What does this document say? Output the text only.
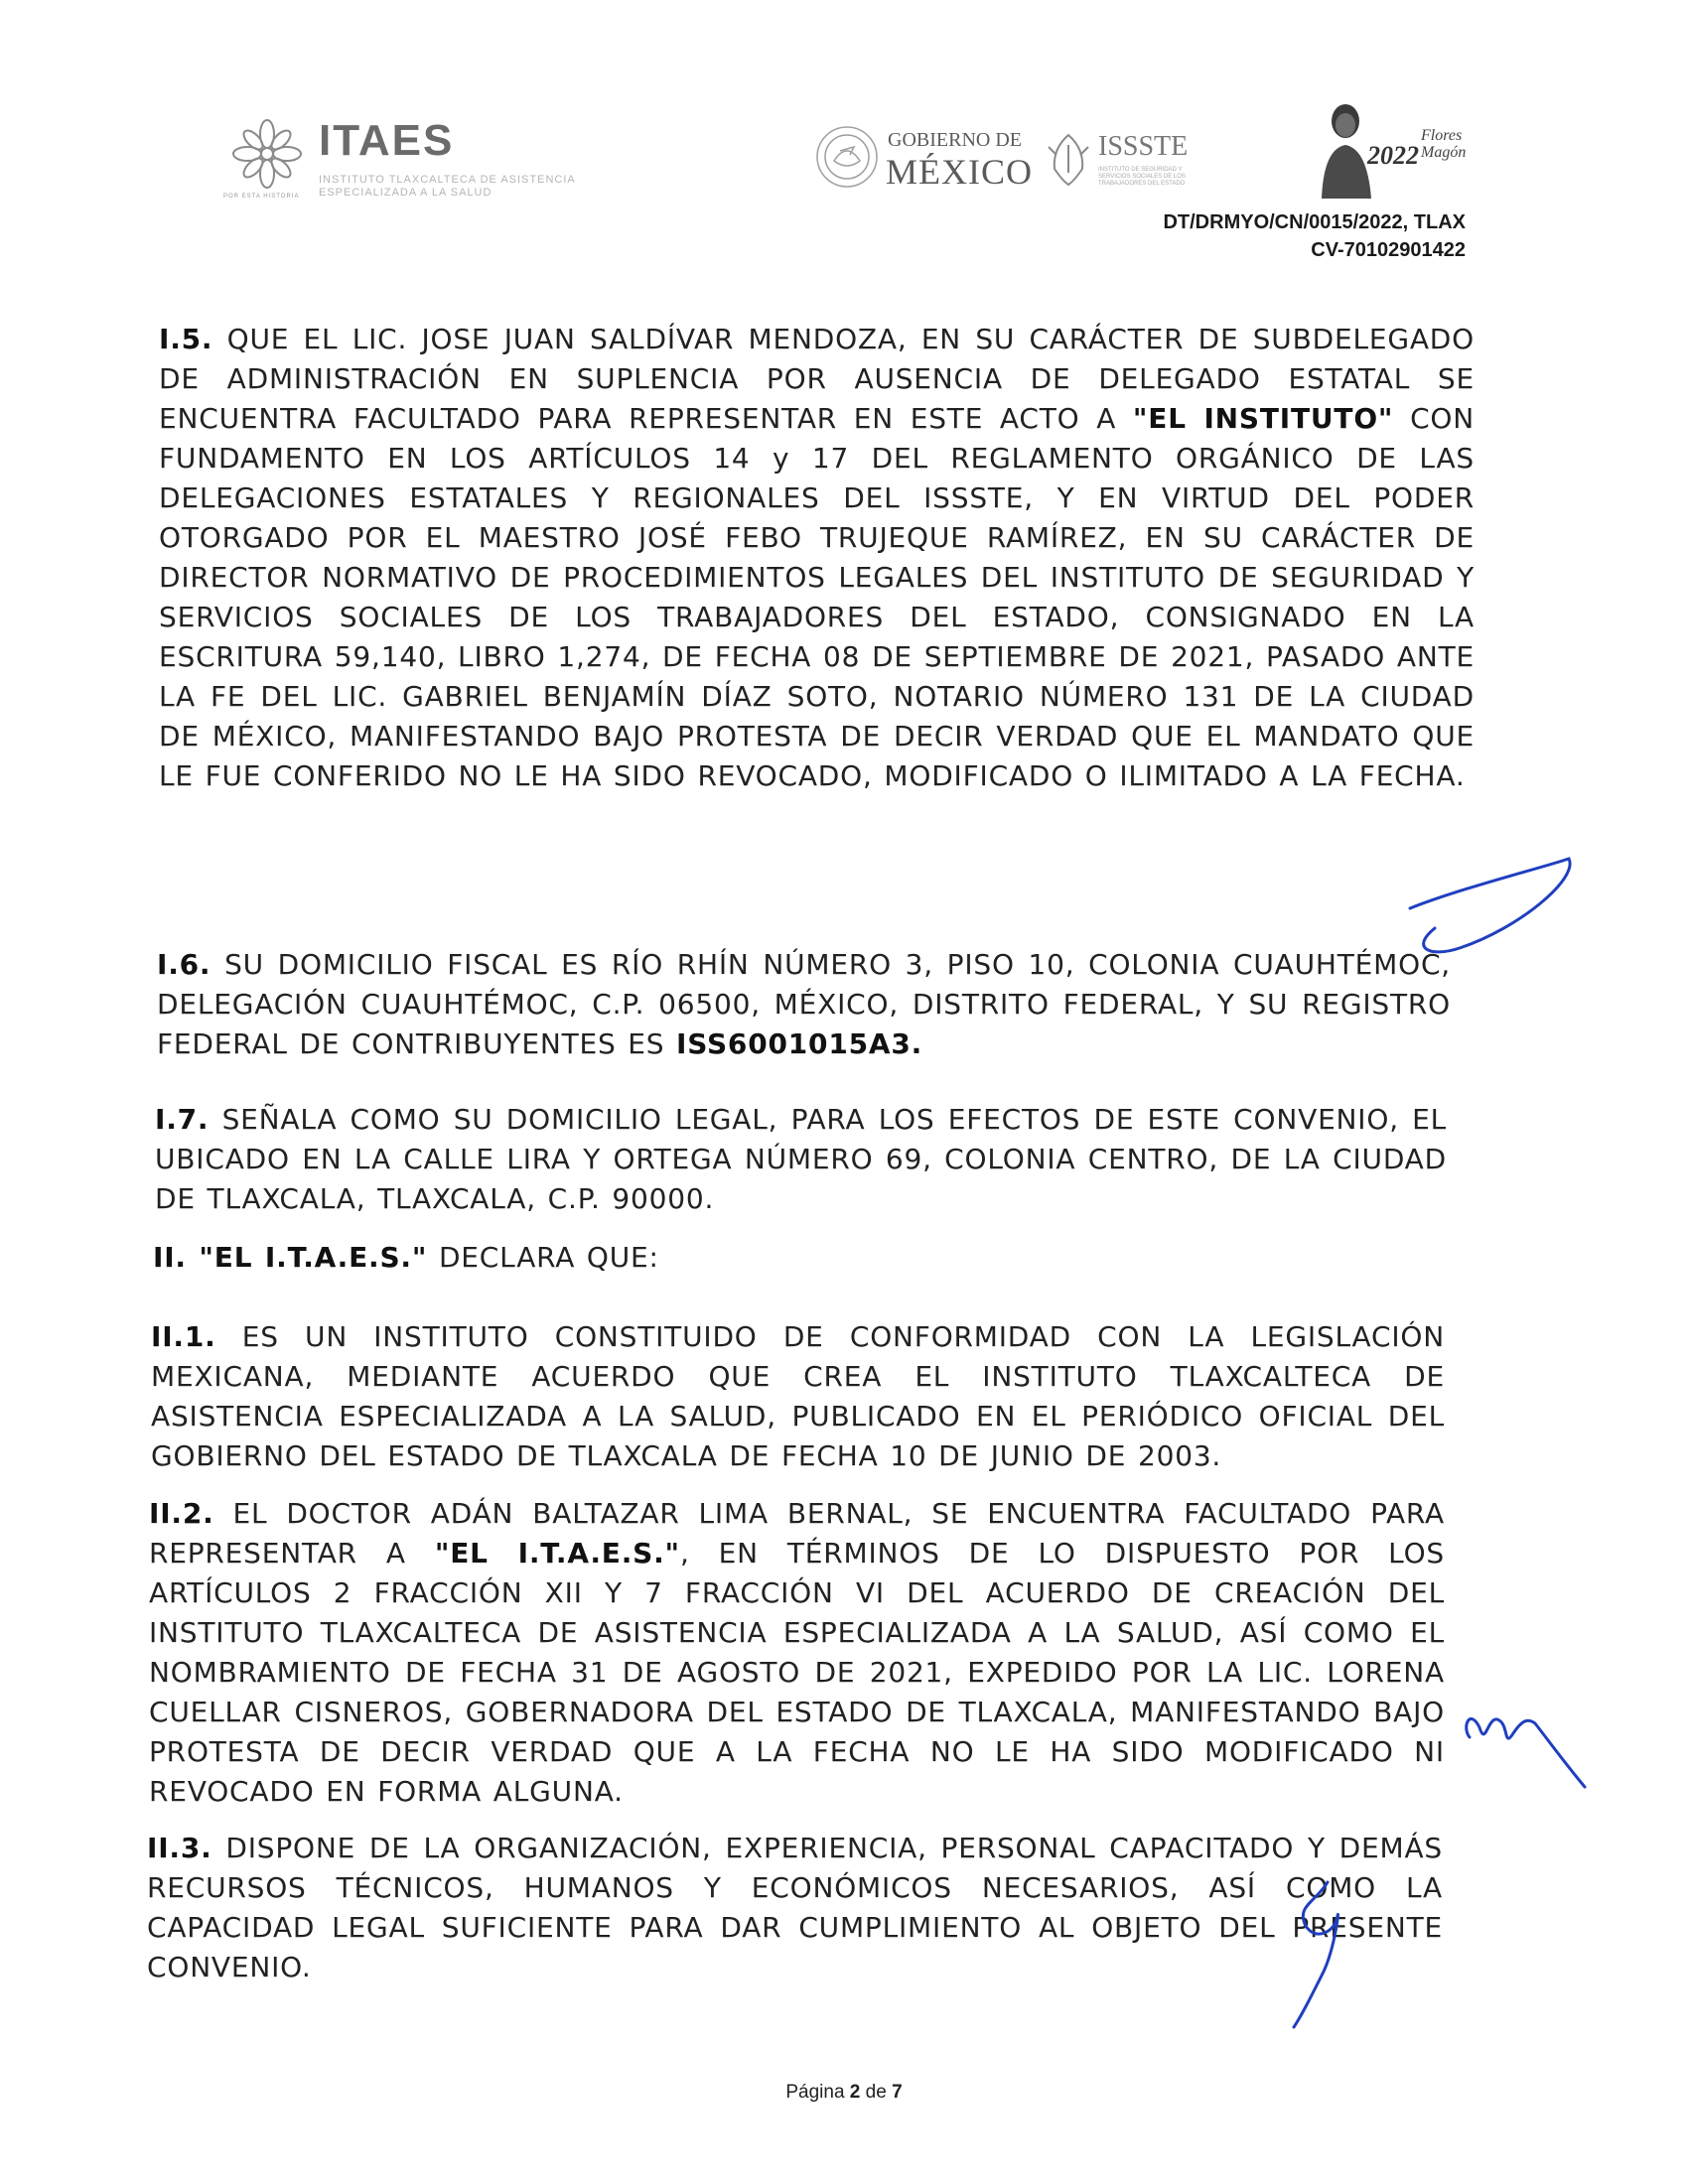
ITAES
INSTITUTO TLAXCALTECA DE ASISTENCIA ESPECIALIZADA A LA SALUD
POR ESTA HISTORIA
GOBIERNO DE
MÉXICO
ISSSTE
INSTITUTO DE SEGURIDAD Y SERVICIOS SOCIALES DE LOS TRABAJADORES DEL ESTADO
2022
Flores Magón
DT/DRMYO/CN/0015/2022, TLAX
CV-70102901422

I.5. QUE EL LIC. JOSE JUAN SALDÍVAR MENDOZA, EN SU CARÁCTER DE SUBDELEGADO DE ADMINISTRACIÓN EN SUPLENCIA POR AUSENCIA DE DELEGADO ESTATAL SE ENCUENTRA FACULTADO PARA REPRESENTAR EN ESTE ACTO A "EL INSTITUTO" CON FUNDAMENTO EN LOS ARTÍCULOS 14 y 17 DEL REGLAMENTO ORGÁNICO DE LAS DELEGACIONES ESTATALES Y REGIONALES DEL ISSSTE, Y EN VIRTUD DEL PODER OTORGADO POR EL MAESTRO JOSÉ FEBO TRUJEQUE RAMÍREZ, EN SU CARÁCTER DE DIRECTOR NORMATIVO DE PROCEDIMIENTOS LEGALES DEL INSTITUTO DE SEGURIDAD Y SERVICIOS SOCIALES DE LOS TRABAJADORES DEL ESTADO, CONSIGNADO EN LA ESCRITURA 59,140, LIBRO 1,274, DE FECHA 08 DE SEPTIEMBRE DE 2021, PASADO ANTE LA FE DEL LIC. GABRIEL BENJAMÍN DÍAZ SOTO, NOTARIO NÚMERO 131 DE LA CIUDAD DE MÉXICO, MANIFESTANDO BAJO PROTESTA DE DECIR VERDAD QUE EL MANDATO QUE LE FUE CONFERIDO NO LE HA SIDO REVOCADO, MODIFICADO O ILIMITADO A LA FECHA.

I.6. SU DOMICILIO FISCAL ES RÍO RHÍN NÚMERO 3, PISO 10, COLONIA CUAUHTÉMOC, DELEGACIÓN CUAUHTÉMOC, C.P. 06500, MÉXICO, DISTRITO FEDERAL, Y SU REGISTRO FEDERAL DE CONTRIBUYENTES ES ISS6001015A3.

I.7. SEÑALA COMO SU DOMICILIO LEGAL, PARA LOS EFECTOS DE ESTE CONVENIO, EL UBICADO EN LA CALLE LIRA Y ORTEGA NÚMERO 69, COLONIA CENTRO, DE LA CIUDAD DE TLAXCALA, TLAXCALA, C.P. 90000.

II. "EL I.T.A.E.S." DECLARA QUE:

II.1. ES UN INSTITUTO CONSTITUIDO DE CONFORMIDAD CON LA LEGISLACIÓN MEXICANA, MEDIANTE ACUERDO QUE CREA EL INSTITUTO TLAXCALTECA DE ASISTENCIA ESPECIALIZADA A LA SALUD, PUBLICADO EN EL PERIÓDICO OFICIAL DEL GOBIERNO DEL ESTADO DE TLAXCALA DE FECHA 10 DE JUNIO DE 2003.

II.2. EL DOCTOR ADÁN BALTAZAR LIMA BERNAL, SE ENCUENTRA FACULTADO PARA REPRESENTAR A "EL I.T.A.E.S.", EN TÉRMINOS DE LO DISPUESTO POR LOS ARTÍCULOS 2 FRACCIÓN XII Y 7 FRACCIÓN VI DEL ACUERDO DE CREACIÓN DEL INSTITUTO TLAXCALTECA DE ASISTENCIA ESPECIALIZADA A LA SALUD, ASÍ COMO EL NOMBRAMIENTO DE FECHA 31 DE AGOSTO DE 2021, EXPEDIDO POR LA LIC. LORENA CUELLAR CISNEROS, GOBERNADORA DEL ESTADO DE TLAXCALA, MANIFESTANDO BAJO PROTESTA DE DECIR VERDAD QUE A LA FECHA NO LE HA SIDO MODIFICADO NI REVOCADO EN FORMA ALGUNA.

II.3. DISPONE DE LA ORGANIZACIÓN, EXPERIENCIA, PERSONAL CAPACITADO Y DEMÁS RECURSOS TÉCNICOS, HUMANOS Y ECONÓMICOS NECESARIOS, ASÍ COMO LA CAPACIDAD LEGAL SUFICIENTE PARA DAR CUMPLIMIENTO AL OBJETO DEL PRESENTE CONVENIO.

Página 2 de 7
